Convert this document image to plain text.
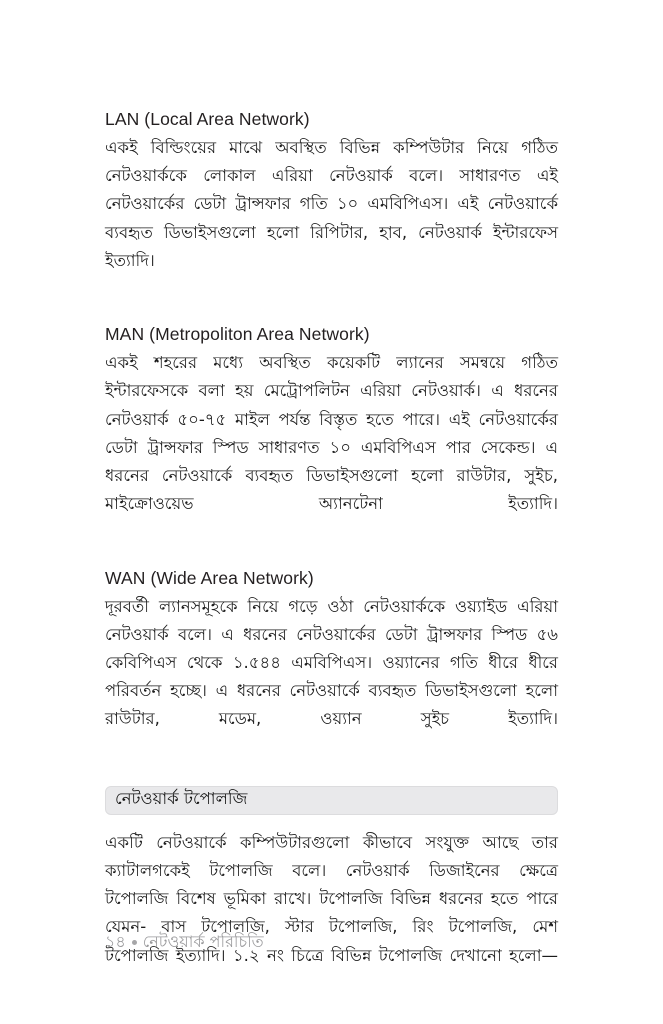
LAN (Local Area Network)

একই বিল্ডিংয়ের মাঝে অবস্থিত বিভিন্ন কম্পিউটার নিয়ে গঠিত নেটওয়ার্ককে লোকাল এরিয়া নেটওয়ার্ক বলে। সাধারণত এই নেটওয়ার্কের ডেটা ট্রান্সফার গতি ১০ এমবিপিএস। এই নেটওয়ার্কে ব্যবহৃত ডিভাইসগুলো হলো রিপিটার, হাব, নেটওয়ার্ক ইন্টারফেস ইত্যাদি।

MAN (Metropoliton Area Network)

একই শহরের মধ্যে অবস্থিত কয়েকটি ল্যানের সমন্বয়ে গঠিত ইন্টারফেসকে বলা হয় মেট্রোপলিটন এরিয়া নেটওয়ার্ক। এ ধরনের নেটওয়ার্ক ৫০-৭৫ মাইল পর্যন্ত বিস্তৃত হতে পারে। এই নেটওয়ার্কের ডেটা ট্রান্সফার স্পিড সাধারণত ১০ এমবিপিএস পার সেকেন্ড। এ ধরনের নেটওয়ার্কে ব্যবহৃত ডিভাইসগুলো হলো রাউটার, সুইচ, মাইক্রোওয়েভ অ্যানটেনা ইত্যাদি।

WAN (Wide Area Network)

দূরবর্তী ল্যানসমূহকে নিয়ে গড়ে ওঠা নেটওয়ার্ককে ওয়্যাইড এরিয়া নেটওয়ার্ক বলে। এ ধরনের নেটওয়ার্কের ডেটা ট্রান্সফার স্পিড ৫৬ কেবিপিএস থেকে ১.৫৪৪ এমবিপিএস। ওয়্যানের গতি ধীরে ধীরে পরিবর্তন হচ্ছে। এ ধরনের নেটওয়ার্কে ব্যবহৃত ডিভাইসগুলো হলো রাউটার, মডেম, ওয়্যান সুইচ ইত্যাদি।

নেটওয়ার্ক টপোলজি

একটি নেটওয়ার্কে কম্পিউটারগুলো কীভাবে সংযুক্ত আছে তার ক্যাটালগকেই টপোলজি বলে। নেটওয়ার্ক ডিজাইনের ক্ষেত্রে টপোলজি বিশেষ ভূমিকা রাখে। টপোলজি বিভিন্ন ধরনের হতে পারে যেমন- বাস টপোলজি, স্টার টপোলজি, রিং টপোলজি, মেশ টপোলজি ইত্যাদি। ১.২ নং চিত্রে বিভিন্ন টপোলজি দেখানো হলো—

১৪ নেটওয়ার্ক পরিচিতি
